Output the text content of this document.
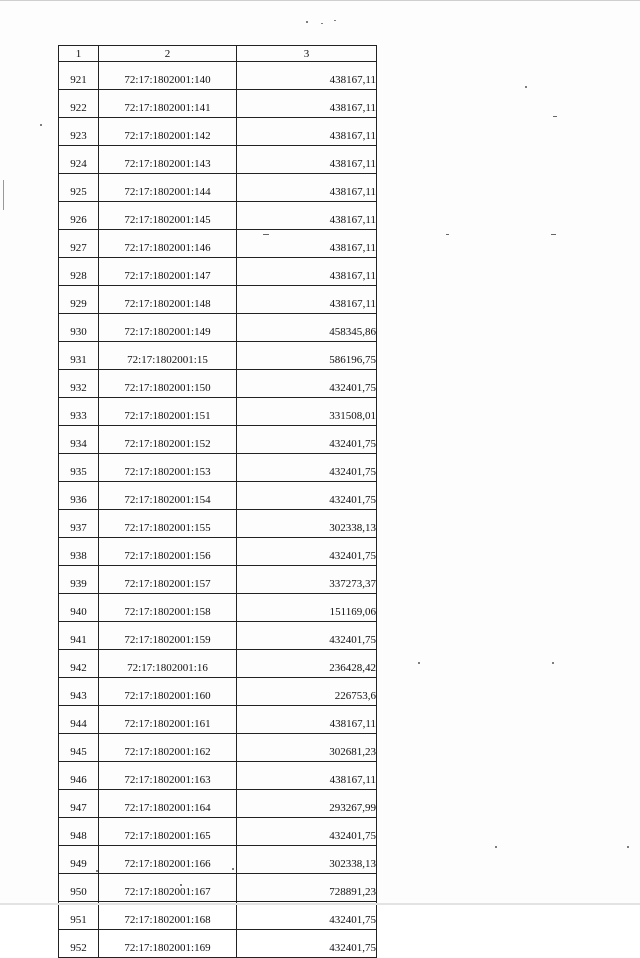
1	2	3
921	72:17:1802001:140	438167,11
922	72:17:1802001:141	438167,11
923	72:17:1802001:142	438167,11
924	72:17:1802001:143	438167,11
925	72:17:1802001:144	438167,11
926	72:17:1802001:145	438167,11
927	72:17:1802001:146	438167,11
928	72:17:1802001:147	438167,11
929	72:17:1802001:148	438167,11
930	72:17:1802001:149	458345,86
931	72:17:1802001:15	586196,75
932	72:17:1802001:150	432401,75
933	72:17:1802001:151	331508,01
934	72:17:1802001:152	432401,75
935	72:17:1802001:153	432401,75
936	72:17:1802001:154	432401,75
937	72:17:1802001:155	302338,13
938	72:17:1802001:156	432401,75
939	72:17:1802001:157	337273,37
940	72:17:1802001:158	151169,06
941	72:17:1802001:159	432401,75
942	72:17:1802001:16	236428,42
943	72:17:1802001:160	226753,6
944	72:17:1802001:161	438167,11
945	72:17:1802001:162	302681,23
946	72:17:1802001:163	438167,11
947	72:17:1802001:164	293267,99
948	72:17:1802001:165	432401,75
949	72:17:1802001:166	302338,13
950	72:17:1802001:167	728891,23
951	72:17:1802001:168	432401,75
952	72:17:1802001:169	432401,75
